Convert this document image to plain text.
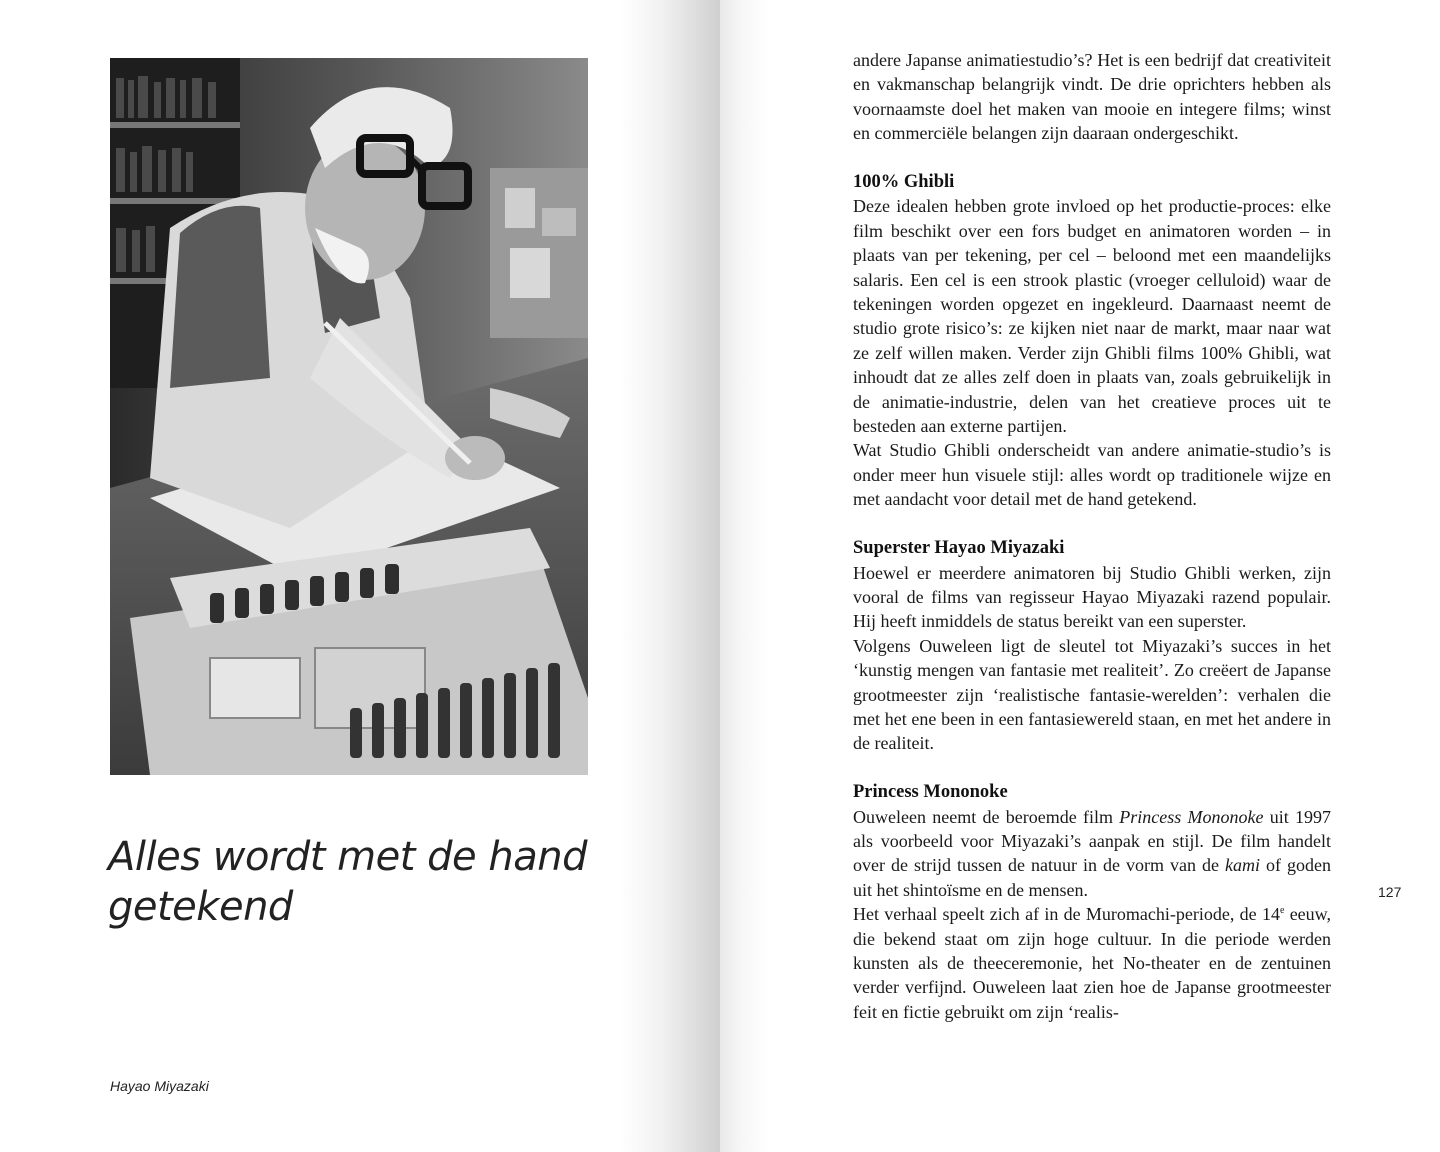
Alles wordt met de hand getekend

Hayao Miyazaki

andere Japanse animatiestudio’s? Het is een bedrijf dat creativiteit en vakmanschap belangrijk vindt. De drie oprichters hebben als voornaamste doel het maken van mooie en integere films; winst en commerciële belangen zijn daaraan ondergeschikt.

100% Ghibli

Deze idealen hebben grote invloed op het productie-proces: elke film beschikt over een fors budget en animatoren worden – in plaats van per tekening, per cel – beloond met een maandelijks salaris. Een cel is een strook plastic (vroeger celluloid) waar de tekeningen worden opgezet en ingekleurd. Daarnaast neemt de studio grote risico’s: ze kijken niet naar de markt, maar naar wat ze zelf willen maken. Verder zijn Ghibli films 100% Ghibli, wat inhoudt dat ze alles zelf doen in plaats van, zoals gebruikelijk in de animatie-industrie, delen van het creatieve proces uit te besteden aan externe partijen.

Wat Studio Ghibli onderscheidt van andere animatie-studio’s is onder meer hun visuele stijl: alles wordt op traditionele wijze en met aandacht voor detail met de hand getekend.

Superster Hayao Miyazaki

Hoewel er meerdere animatoren bij Studio Ghibli werken, zijn vooral de films van regisseur Hayao Miyazaki razend populair. Hij heeft inmiddels de status bereikt van een superster.

Volgens Ouweleen ligt de sleutel tot Miyazaki’s succes in het ‘kunstig mengen van fantasie met realiteit’. Zo creëert de Japanse grootmeester zijn ‘realistische fantasie-werelden’: verhalen die met het ene been in een fantasiewereld staan, en met het andere in de realiteit.

Princess Mononoke

Ouweleen neemt de beroemde film Princess Mononoke uit 1997 als voorbeeld voor Miyazaki’s aanpak en stijl. De film handelt over de strijd tussen de natuur in de vorm van de kami of goden uit het shintoïsme en de mensen.

Het verhaal speelt zich af in de Muromachi-periode, de 14e eeuw, die bekend staat om zijn hoge cultuur. In die periode werden kunsten als de theeceremonie, het No-theater en de zentuinen verder verfijnd. Ouweleen laat zien hoe de Japanse grootmeester feit en fictie gebruikt om zijn ‘realis-

127
